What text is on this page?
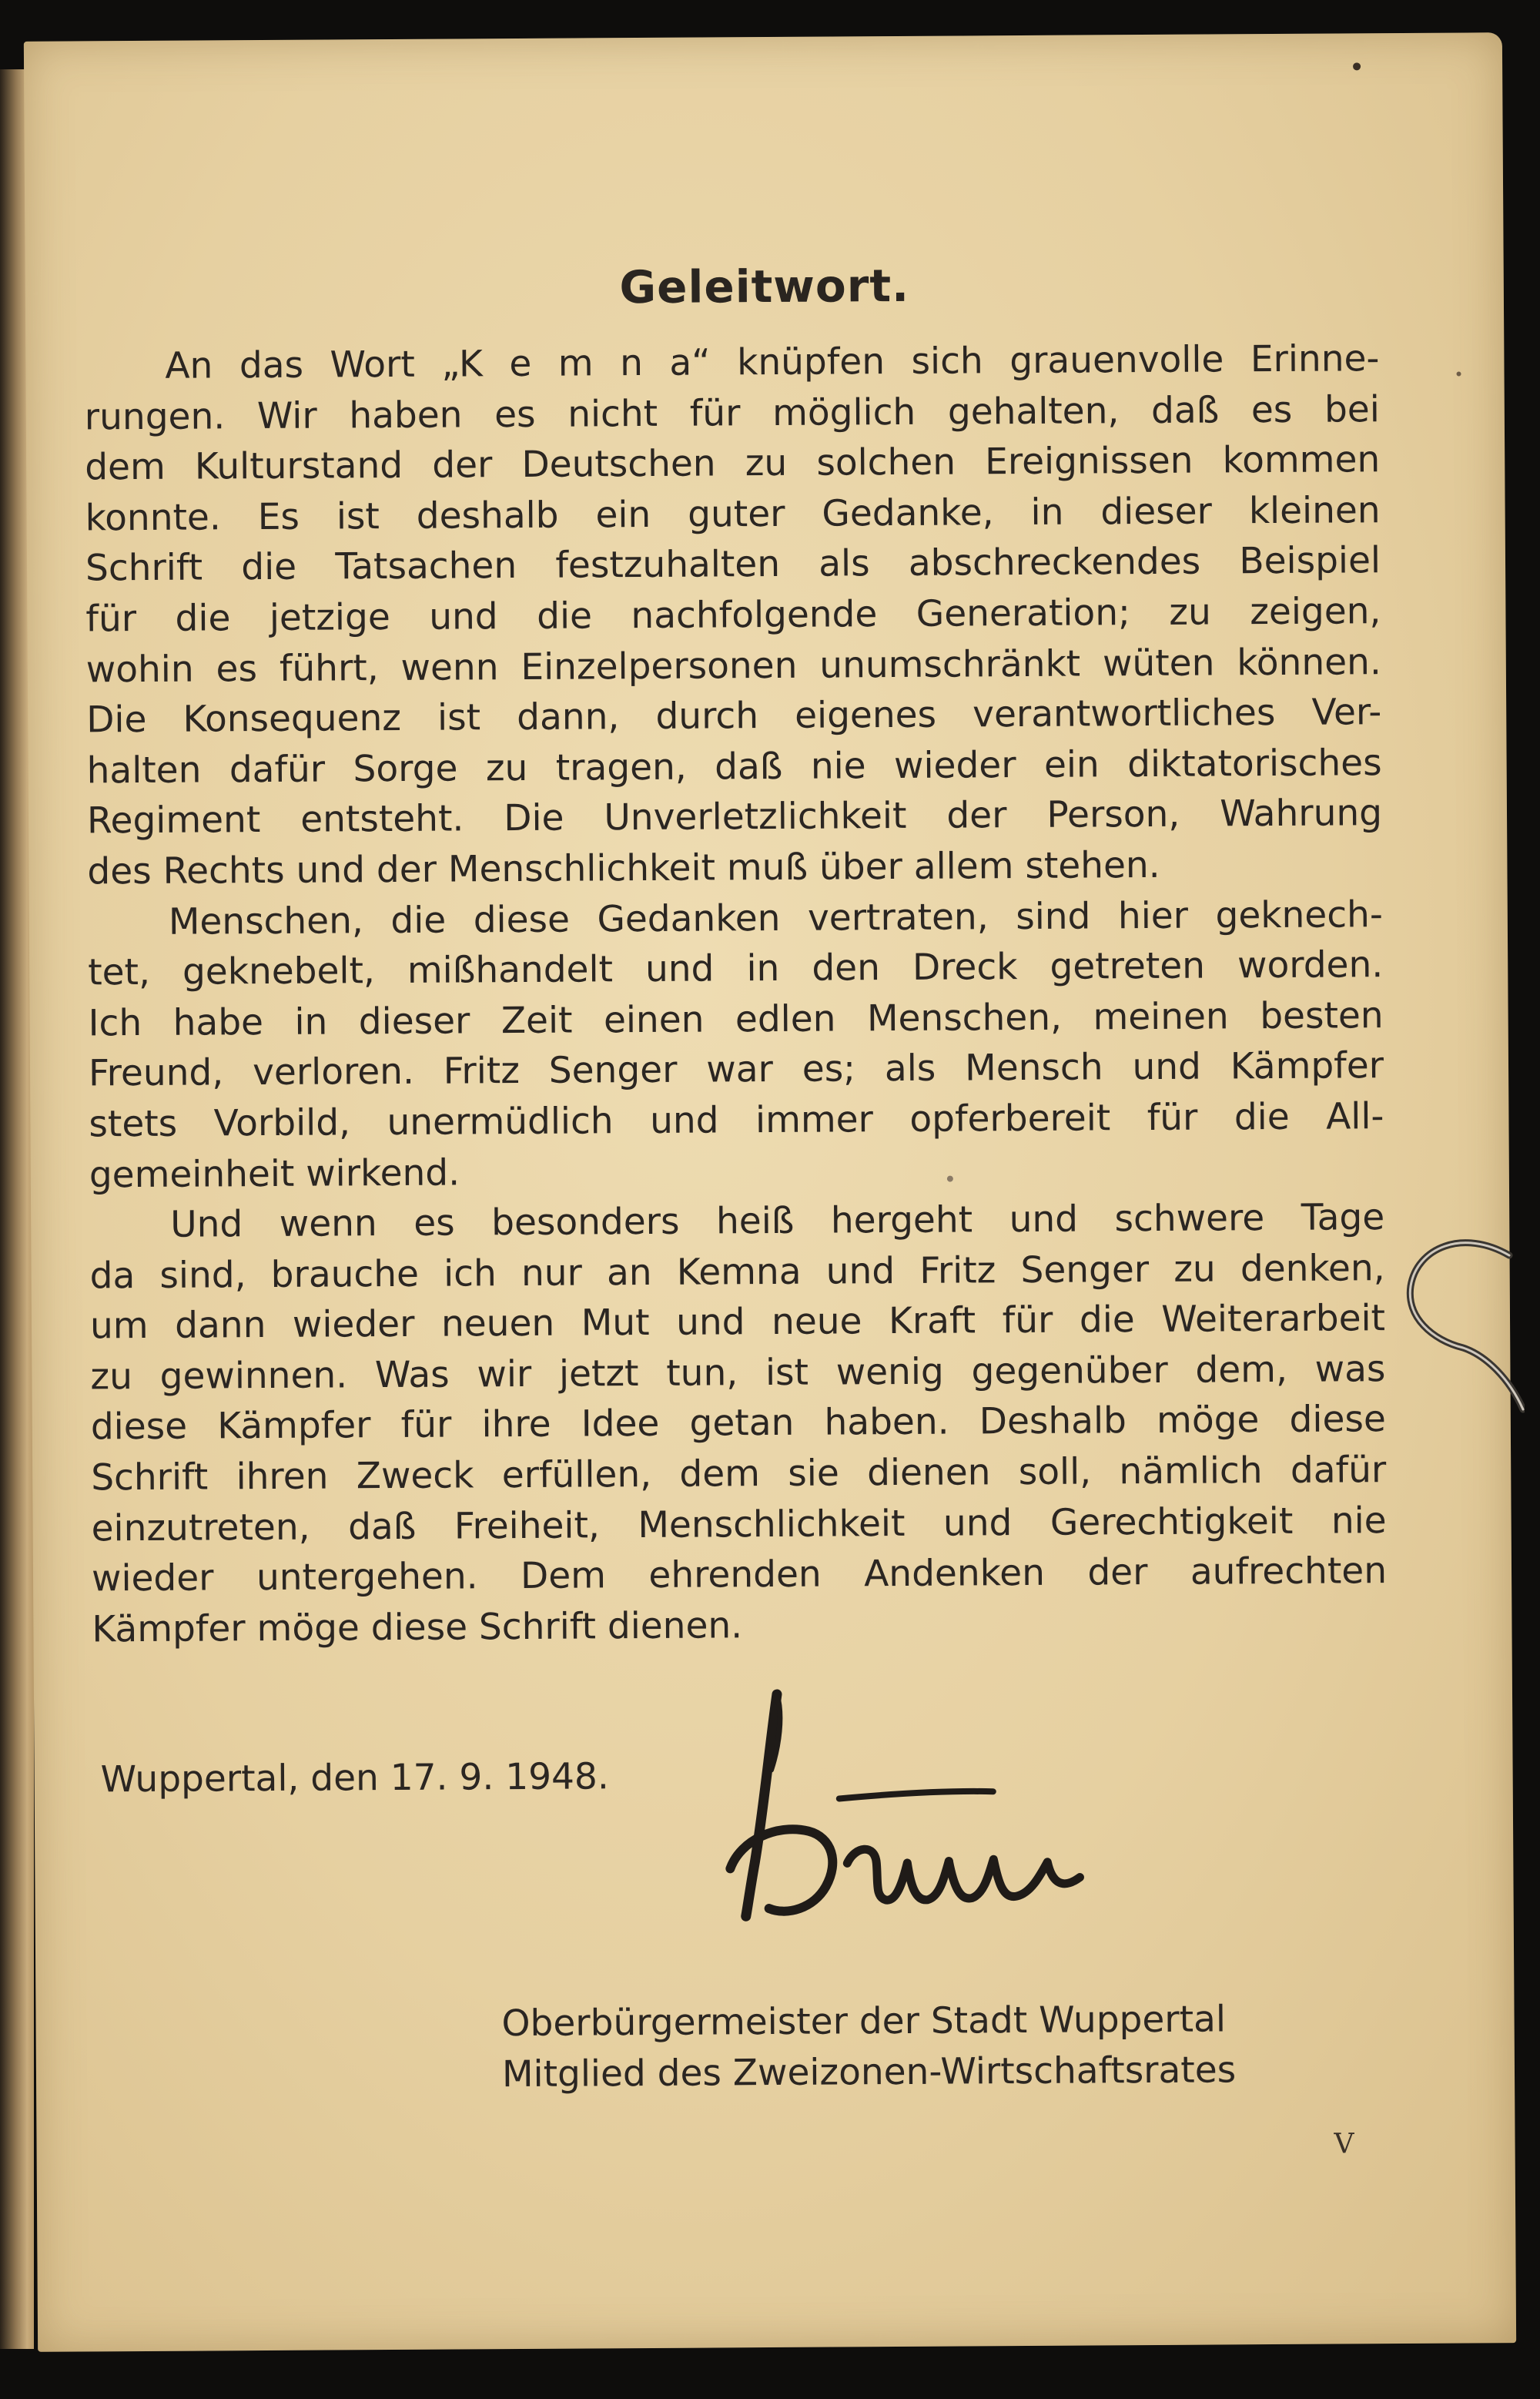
Geleitwort.

An das Wort „K e m n a“ knüpfen sich grauenvolle Erinne-
rungen. Wir haben es nicht für möglich gehalten, daß es bei
dem Kulturstand der Deutschen zu solchen Ereignissen kommen
konnte. Es ist deshalb ein guter Gedanke, in dieser kleinen
Schrift die Tatsachen festzuhalten als abschreckendes Beispiel
für die jetzige und die nachfolgende Generation; zu zeigen,
wohin es führt, wenn Einzelpersonen unumschränkt wüten können.
Die Konsequenz ist dann, durch eigenes verantwortliches Ver-
halten dafür Sorge zu tragen, daß nie wieder ein diktatorisches
Regiment entsteht. Die Unverletzlichkeit der Person, Wahrung
des Rechts und der Menschlichkeit muß über allem stehen.

Menschen, die diese Gedanken vertraten, sind hier geknech-
tet, geknebelt, mißhandelt und in den Dreck getreten worden.
Ich habe in dieser Zeit einen edlen Menschen, meinen besten
Freund, verloren. Fritz Senger war es; als Mensch und Kämpfer
stets Vorbild, unermüdlich und immer opferbereit für die All-
gemeinheit wirkend.

Und wenn es besonders heiß hergeht und schwere Tage
da sind, brauche ich nur an Kemna und Fritz Senger zu denken,
um dann wieder neuen Mut und neue Kraft für die Weiterarbeit
zu gewinnen. Was wir jetzt tun, ist wenig gegenüber dem, was
diese Kämpfer für ihre Idee getan haben. Deshalb möge diese
Schrift ihren Zweck erfüllen, dem sie dienen soll, nämlich dafür
einzutreten, daß Freiheit, Menschlichkeit und Gerechtigkeit nie
wieder untergehen. Dem ehrenden Andenken der aufrechten
Kämpfer möge diese Schrift dienen.

Wuppertal, den 17. 9. 1948.
Oberbürgermeister der Stadt Wuppertal
Mitglied des Zweizonen-Wirtschaftsrates
V
